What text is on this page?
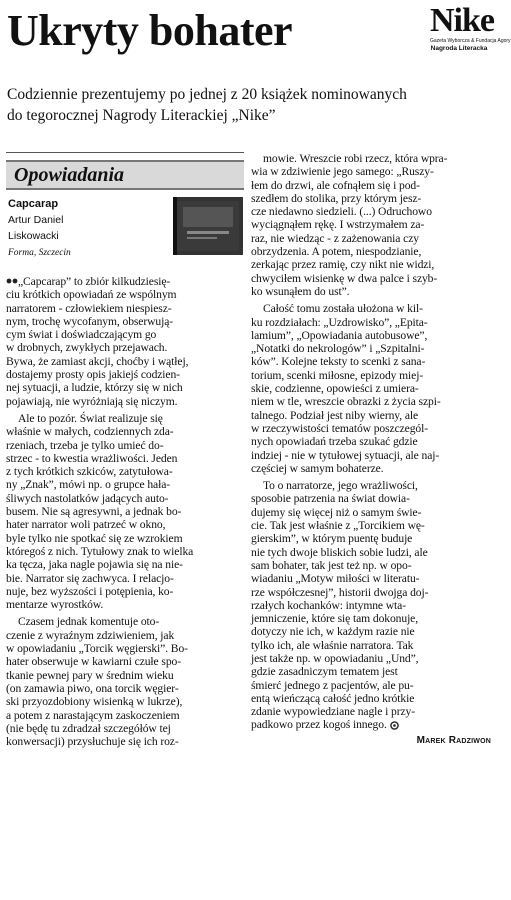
Ukryty bohater	Nike
Gazeta Wyborcza & Fundacja Agory
Nagroda Literacka
Codziennie prezentujemy po jednej z 20 książek nominowanych
do tegorocznej Nagrody Literackiej „Nike”
Opowiadania
Capcarap
Artur Daniel
Liskowacki
Forma, Szczecin
„Capcarap” to zbiór kilkudziesię-
ciu krótkich opowiadań ze wspólnym
narratorem - człowiekiem niespiesz-
nym, trochę wycofanym, obserwują-
cym świat i doświadczającym go
w drobnych, zwykłych przejawach.
Bywa, że zamiast akcji, choćby i wątłej,
dostajemy prosty opis jakiejś codzien-
nej sytuacji, a ludzie, którzy się w nich
pojawiają, nie wyróżniają się niczym.
Ale to pozór. Świat realizuje się
właśnie w małych, codziennych zda-
rzeniach, trzeba je tylko umieć do-
strzec - to kwestia wrażliwości. Jeden
z tych krótkich szkiców, zatytułowa-
ny „Znak”, mówi np. o grupce hała-
śliwych nastolatków jadących auto-
busem. Nie są agresywni, a jednak bo-
hater narrator woli patrzeć w okno,
byle tylko nie spotkać się ze wzrokiem
któregoś z nich. Tytułowy znak to wielka
ka tęcza, jaka nagle pojawia się na nie-
bie. Narrator się zachwyca. I relacjo-
nuje, bez wyższości i potępienia, ko-
mentarze wyrostków.
Czasem jednak komentuje oto-
czenie z wyraźnym zdziwieniem, jak
w opowiadaniu „Torcik węgierski”. Bo-
hater obserwuje w kawiarni czułe spo-
tkanie pewnej pary w średnim wieku
(on zamawia piwo, ona torcik węgier-
ski przyozdobiony wisienką w lukrze),
a potem z narastającym zaskoczeniem
(nie będę tu zdradzał szczegółów tej
konwersacji) przysłuchuje się ich roz-
mowie. Wreszcie robi rzecz, która wpra-
wia w zdziwienie jego samego: „Ruszy-
łem do drzwi, ale cofnąłem się i pod-
szedłem do stolika, przy którym jesz-
cze niedawno siedzieli. (...) Odruchowo
wyciągnąłem rękę. I wstrzymałem za-
raz, nie wiedząc - z zażenowania czy
obrzydzenia. A potem, niespodzianie,
zerkając przez ramię, czy nikt nie widzi,
chwyciłem wisienkę w dwa palce i szyb-
ko wsunąłem do ust”.
Całość tomu została ułożona w kil-
ku rozdziałach: „Uzdrowisko”, „Epita-
lamium”, „Opowiadania autobusowe”,
„Notatki do nekrologów” i „Szpitalni-
ków”. Kolejne teksty to scenki z sana-
torium, scenki miłosne, epizody miej-
skie, codzienne, opowieści z umiera-
niem w tle, wreszcie obrazki z życia szpi-
talnego. Podział jest niby wierny, ale
w rzeczywistości tematów poszczegól-
nych opowiadań trzeba szukać gdzie
indziej - nie w tytułowej sytuacji, ale naj-
częściej w samym bohaterze.
To o narratorze, jego wrażliwości,
sposobie patrzenia na świat dowia-
dujemy się więcej niż o samym świe-
cie. Tak jest właśnie z „Torcikiem wę-
gierskim”, w którym puentę buduje
nie tych dwoje bliskich sobie ludzi, ale
sam bohater, tak jest też np. w opo-
wiadaniu „Motyw miłości w literatu-
rze współczesnej”, historii dwojga doj-
rzałych kochanków: intymne wta-
jemniczenie, które się tam dokonuje,
dotyczy nie ich, w każdym razie nie
tylko ich, ale właśnie narratora. Tak
jest także np. w opowiadaniu „Und”,
gdzie zasadniczym tematem jest
śmierć jednego z pacjentów, ale pu-
entą wieńczącą całość jedno krótkie
zdanie wypowiedziane nagle i przy-
padkowo przez kogoś innego.
Marek Radziwon
